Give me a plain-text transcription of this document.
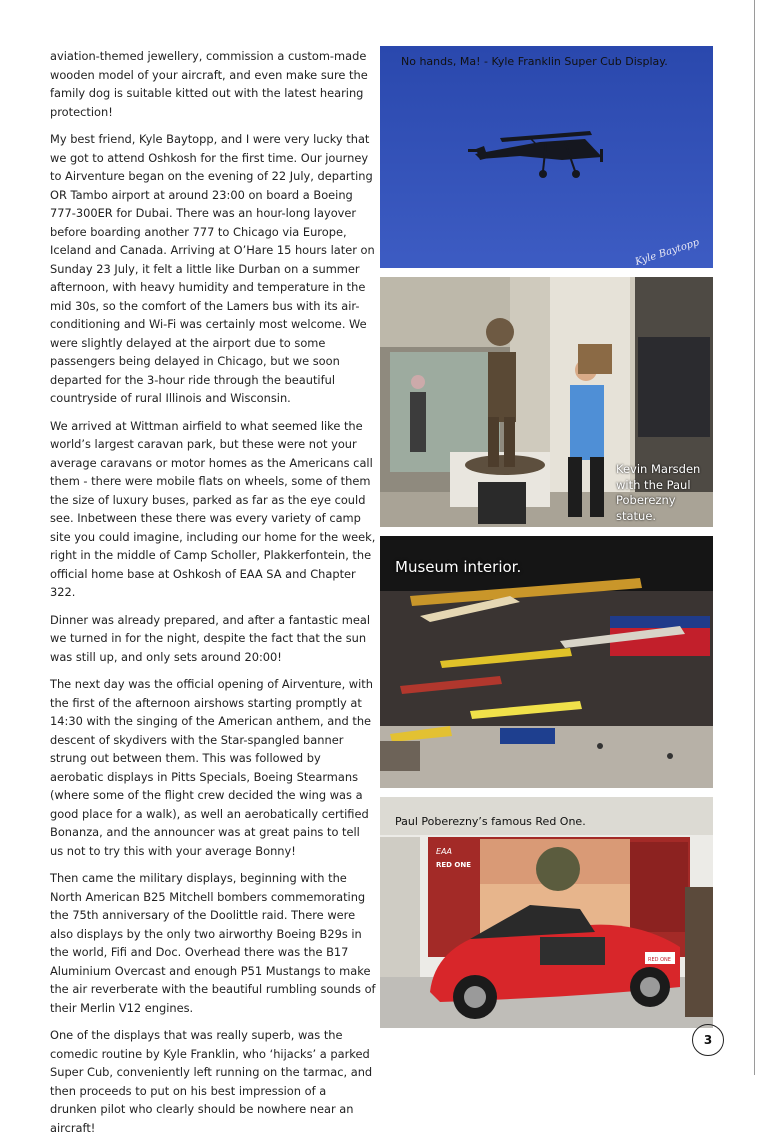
aviation-themed jewellery, commission a custom-made wooden model of your aircraft, and even make sure the family dog is suitable kitted out with the latest hearing protection!

My best friend, Kyle Baytopp, and I were very lucky that we got to attend Oshkosh for the first time. Our journey to Airventure began on the evening of 22 July, departing OR Tambo airport at around 23:00 on board a Boeing 777-300ER for Dubai. There was an hour-long layover before boarding another 777 to Chicago via Europe, Iceland and Canada. Arriving at O’Hare 15 hours later on Sunday 23 July, it felt a little like Durban on a summer afternoon, with heavy humidity and temperature in the mid 30s, so the comfort of the Lamers bus with its air-conditioning and Wi-Fi was certainly most welcome. We were slightly delayed at the airport due to some passengers being delayed in Chicago, but we soon departed for the 3-hour ride through the beautiful countryside of rural Illinois and Wisconsin.

We arrived at Wittman airfield to what seemed like the world’s largest caravan park, but these were not your average caravans or motor homes as the Americans call them - there were mobile flats on wheels, some of them the size of luxury buses, parked as far as the eye could see. Inbetween these there was every variety of camp site you could imagine, including our home for the week, right in the middle of Camp Scholler, Plakkerfontein, the official home base at Oshkosh of EAA SA and Chapter 322.

Dinner was already prepared, and after a fantastic meal we turned in for the night, despite the fact that the sun was still up, and only sets around 20:00!

The next day was the official opening of Airventure, with the first of the afternoon airshows starting promptly at 14:30 with the singing of the American anthem, and the descent of skydivers with the Star-spangled banner strung out between them. This was followed by aerobatic displays in Pitts Specials, Boeing Stearmans (where some of the flight crew decided the wing was a good place for a walk), as well an aerobatically certified Bonanza, and the announcer was at great pains to tell us not to try this with your average Bonny!

Then came the military displays, beginning with the North American B25 Mitchell bombers commemorating the 75th anniversary of the Doolittle raid. There were also displays by the only two airworthy Boeing B29s in the world, Fifi and Doc. Overhead there was the B17 Aluminium Overcast and enough P51 Mustangs to make the air reverberate with the beautiful rumbling sounds of their Merlin V12 engines.

One of the displays that was really superb, was the comedic routine by Kyle Franklin, who ‘hijacks’ a parked Super Cub, conveniently left running on the tarmac, and then proceeds to put on his best impression of a drunken pilot who clearly should be nowhere near an aircraft!

No hands, Ma! - Kyle Franklin Super Cub Display.
Kyle Baytopp
Kevin Marsden with the Paul Poberezny statue.
Museum interior.
EAA
RED ONE
RED ONE
Paul Poberezny’s famous Red One.
3
